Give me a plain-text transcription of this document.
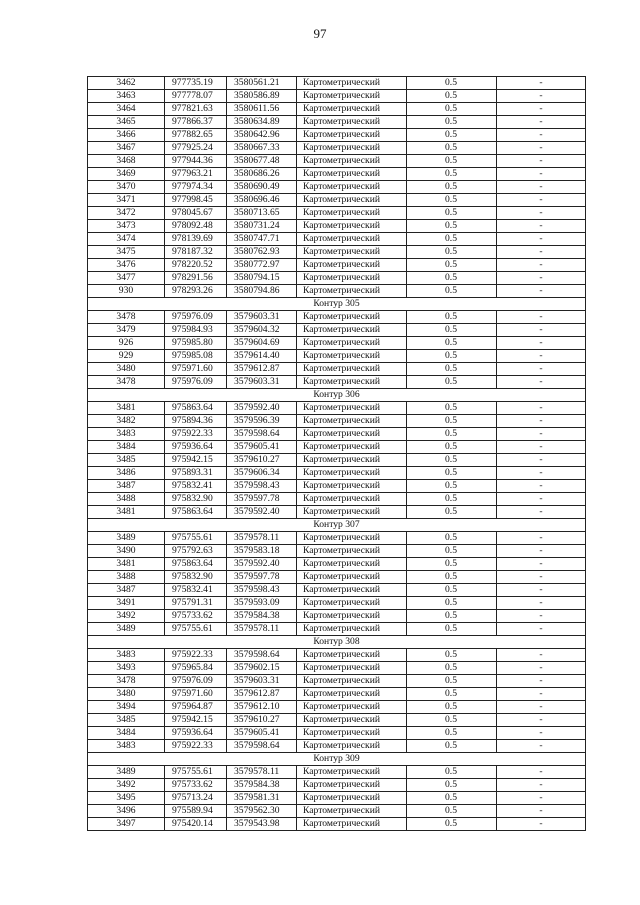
97
3462	977735.19	3580561.21	Картометрический	0.5	-
3463	977778.07	3580586.89	Картометрический	0.5	-
3464	977821.63	3580611.56	Картометрический	0.5	-
3465	977866.37	3580634.89	Картометрический	0.5	-
3466	977882.65	3580642.96	Картометрический	0.5	-
3467	977925.24	3580667.33	Картометрический	0.5	-
3468	977944.36	3580677.48	Картометрический	0.5	-
3469	977963.21	3580686.26	Картометрический	0.5	-
3470	977974.34	3580690.49	Картометрический	0.5	-
3471	977998.45	3580696.46	Картометрический	0.5	-
3472	978045.67	3580713.65	Картометрический	0.5	-
3473	978092.48	3580731.24	Картометрический	0.5	-
3474	978139.69	3580747.71	Картометрический	0.5	-
3475	978187.32	3580762.93	Картометрический	0.5	-
3476	978220.52	3580772.97	Картометрический	0.5	-
3477	978291.56	3580794.15	Картометрический	0.5	-
930	978293.26	3580794.86	Картометрический	0.5	-
Контур 305					
3478	975976.09	3579603.31	Картометрический	0.5	-
3479	975984.93	3579604.32	Картометрический	0.5	-
926	975985.80	3579604.69	Картометрический	0.5	-
929	975985.08	3579614.40	Картометрический	0.5	-
3480	975971.60	3579612.87	Картометрический	0.5	-
3478	975976.09	3579603.31	Картометрический	0.5	-
Контур 306					
3481	975863.64	3579592.40	Картометрический	0.5	-
3482	975894.36	3579596.39	Картометрический	0.5	-
3483	975922.33	3579598.64	Картометрический	0.5	-
3484	975936.64	3579605.41	Картометрический	0.5	-
3485	975942.15	3579610.27	Картометрический	0.5	-
3486	975893.31	3579606.34	Картометрический	0.5	-
3487	975832.41	3579598.43	Картометрический	0.5	-
3488	975832.90	3579597.78	Картометрический	0.5	-
3481	975863.64	3579592.40	Картометрический	0.5	-
Контур 307					
3489	975755.61	3579578.11	Картометрический	0.5	-
3490	975792.63	3579583.18	Картометрический	0.5	-
3481	975863.64	3579592.40	Картометрический	0.5	-
3488	975832.90	3579597.78	Картометрический	0.5	-
3487	975832.41	3579598.43	Картометрический	0.5	-
3491	975791.31	3579593.09	Картометрический	0.5	-
3492	975733.62	3579584.38	Картометрический	0.5	-
3489	975755.61	3579578.11	Картометрический	0.5	-
Контур 308					
3483	975922.33	3579598.64	Картометрический	0.5	-
3493	975965.84	3579602.15	Картометрический	0.5	-
3478	975976.09	3579603.31	Картометрический	0.5	-
3480	975971.60	3579612.87	Картометрический	0.5	-
3494	975964.87	3579612.10	Картометрический	0.5	-
3485	975942.15	3579610.27	Картометрический	0.5	-
3484	975936.64	3579605.41	Картометрический	0.5	-
3483	975922.33	3579598.64	Картометрический	0.5	-
Контур 309					
3489	975755.61	3579578.11	Картометрический	0.5	-
3492	975733.62	3579584.38	Картометрический	0.5	-
3495	975713.24	3579581.31	Картометрический	0.5	-
3496	975589.94	3579562.30	Картометрический	0.5	-
3497	975420.14	3579543.98	Картометрический	0.5	-
